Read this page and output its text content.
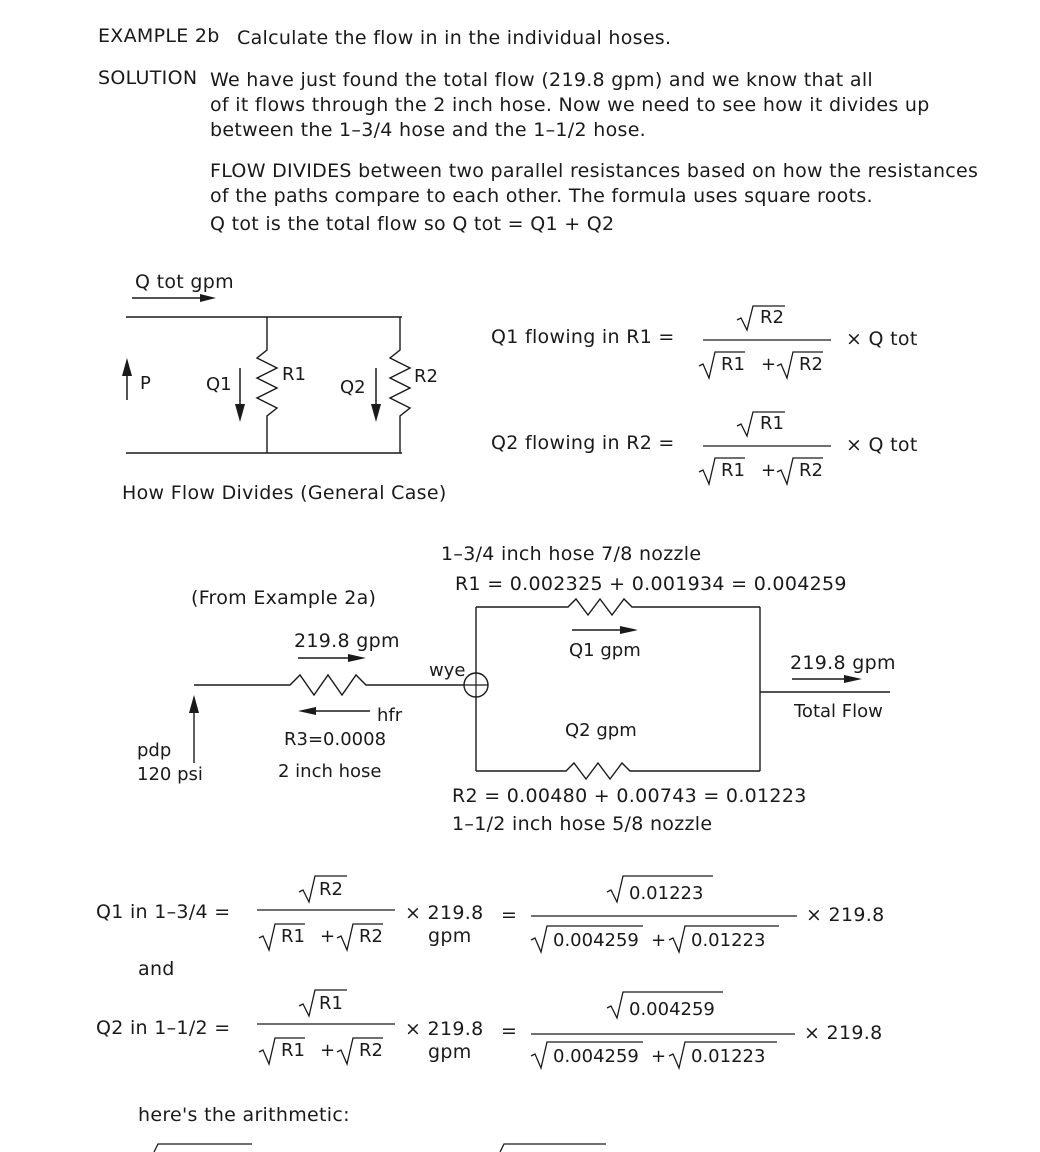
EXAMPLE 2b Calculate the flow in in the individual hoses.
SOLUTION We have just found the total flow (219.8 gpm) and we know that all
of it flows through the 2 inch hose. Now we need to see how it divides up
between the 1–3/4 hose and the 1–1/2 hose.
FLOW DIVIDES between two parallel resistances based on how the resistances
of the paths compare to each other. The formula uses square roots.
Q tot is the total flow so Q tot = Q1 + Q2
Q tot gpm
P	Q1	R1
Q2
R2
How Flow Divides (General Case)
Q1 flowing in R1 =
Q2 flowing in R2 =
R2
R1 + R2
× Q tot
R1
R1 + R2
× Q tot
1–3/4 inch hose 7/8 nozzle
R1 = 0.002325 + 0.001934 = 0.004259
(From Example 2a)
219.8 gpm	Q1 gpm
wye	219.8 gpm
Total Flow
hfr
R3=0.0008	Q2 gpm
pdp
120 psi	2 inch hose
R2 = 0.00480 + 0.00743 = 0.01223
1–1/2 inch hose 5/8 nozzle
Q1 in 1–3/4 =
R2
R1 + R2
× 219.8
gpm
=
0.01223
0.004259 + 0.01223
× 219.8
and
Q2 in 1–1/2 =
R1
R1 + R2
× 219.8
gpm
=
0.004259
0.004259 + 0.01223
× 219.8
here's the arithmetic:
